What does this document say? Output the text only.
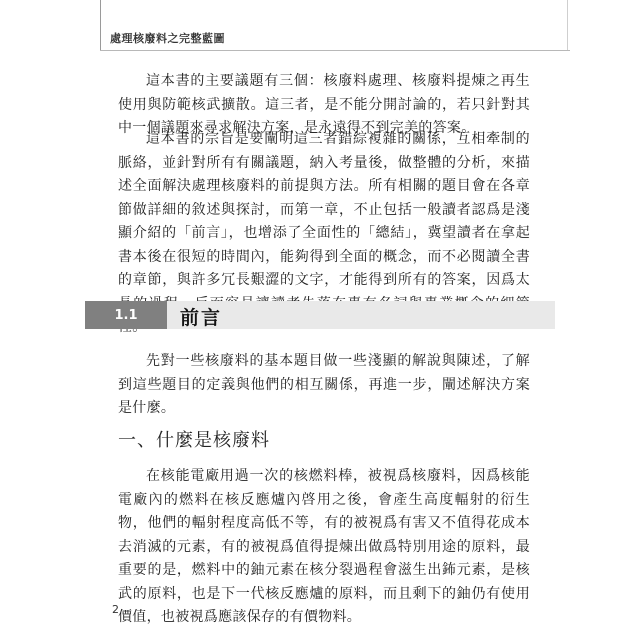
處理核廢料之完整藍圖

這本書的主要議題有三個：核廢料處理、核廢料提煉之再生使用與防範核武擴散。這三者，是不能分開討論的，若只針對其中一個議題來尋求解決方案，是永遠得不到完美的答案。

這本書的宗旨是要闡明這三者錯綜複雜的關係，互相牽制的脈絡，並針對所有有關議題，納入考量後，做整體的分析，來描述全面解決處理核廢料的前提與方法。所有相關的題目會在各章節做詳細的敘述與探討，而第一章，不止包括一般讀者認爲是淺顯介紹的「前言」，也增添了全面性的「總結」，冀望讀者在拿起書本後在很短的時間內，能夠得到全面的概念，而不必閱讀全書的章節，與許多冗長艱澀的文字，才能得到所有的答案，因爲太

1.1	前言

先對一些核廢料的基本題目做一些淺顯的解說與陳述，了解到這些題目的定義與他們的相互關係，再進一步，闡述解決方案是什麼。

一、什麼是核廢料

在核能電廠用過一次的核燃料棒，被視爲核廢料，因爲核能電廠內的燃料在核反應爐內啓用之後，會產生高度輻射的衍生物，他們的輻射程度高低不等，有的被視爲有害又不值得花成本去消滅的元素，有的被視爲值得提煉出做爲特別用途的原料，最重要的是，燃料中的鈾元素在核分裂過程會滋生出鈽元素，是核武的原料，也是下一代核反應爐的原料，而且剩下的鈾仍有使用價值，也被視爲應該保存的有價物料。

2
